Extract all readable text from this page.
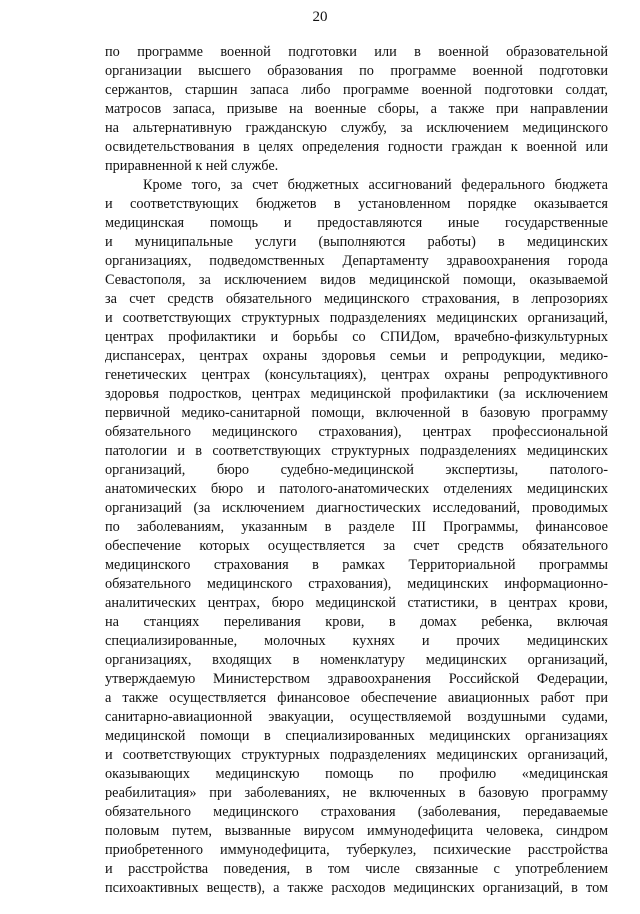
20
по программе военной подготовки или в военной образовательной
организации высшего образования по программе военной подготовки
сержантов, старшин запаса либо программе военной подготовки солдат,
матросов запаса, призыве на военные сборы, а также при направлении
на альтернативную гражданскую службу, за исключением медицинского
освидетельствования в целях определения годности граждан к военной или
приравненной к ней службе.
Кроме того, за счет бюджетных ассигнований федерального бюджета
и соответствующих бюджетов в установленном порядке оказывается
медицинская помощь и предоставляются иные государственные
и муниципальные услуги (выполняются работы) в медицинских
организациях, подведомственных Департаменту здравоохранения города
Севастополя, за исключением видов медицинской помощи, оказываемой
за счет средств обязательного медицинского страхования, в лепрозориях
и соответствующих структурных подразделениях медицинских организаций,
центрах профилактики и борьбы со СПИДом, врачебно-физкультурных
диспансерах, центрах охраны здоровья семьи и репродукции, медико-
генетических центрах (консультациях), центрах охраны репродуктивного
здоровья подростков, центрах медицинской профилактики (за исключением
первичной медико-санитарной помощи, включенной в базовую программу
обязательного медицинского страхования), центрах профессиональной
патологии и в соответствующих структурных подразделениях медицинских
организаций, бюро судебно-медицинской экспертизы, патолого-
анатомических бюро и патолого-анатомических отделениях медицинских
организаций (за исключением диагностических исследований, проводимых
по заболеваниям, указанным в разделе III Программы, финансовое
обеспечение которых осуществляется за счет средств обязательного
медицинского страхования в рамках Территориальной программы
обязательного медицинского страхования), медицинских информационно-
аналитических центрах, бюро медицинской статистики, в центрах крови,
на станциях переливания крови, в домах ребенка, включая
специализированные, молочных кухнях и прочих медицинских
организациях, входящих в номенклатуру медицинских организаций,
утверждаемую Министерством здравоохранения Российской Федерации,
а также осуществляется финансовое обеспечение авиационных работ при
санитарно-авиационной эвакуации, осуществляемой воздушными судами,
медицинской помощи в специализированных медицинских организациях
и соответствующих структурных подразделениях медицинских организаций,
оказывающих медицинскую помощь по профилю «медицинская
реабилитация» при заболеваниях, не включенных в базовую программу
обязательного медицинского страхования (заболевания, передаваемые
половым путем, вызванные вирусом иммунодефицита человека, синдром
приобретенного иммунодефицита, туберкулез, психические расстройства
и расстройства поведения, в том числе связанные с употреблением
психоактивных веществ), а также расходов медицинских организаций, в том
